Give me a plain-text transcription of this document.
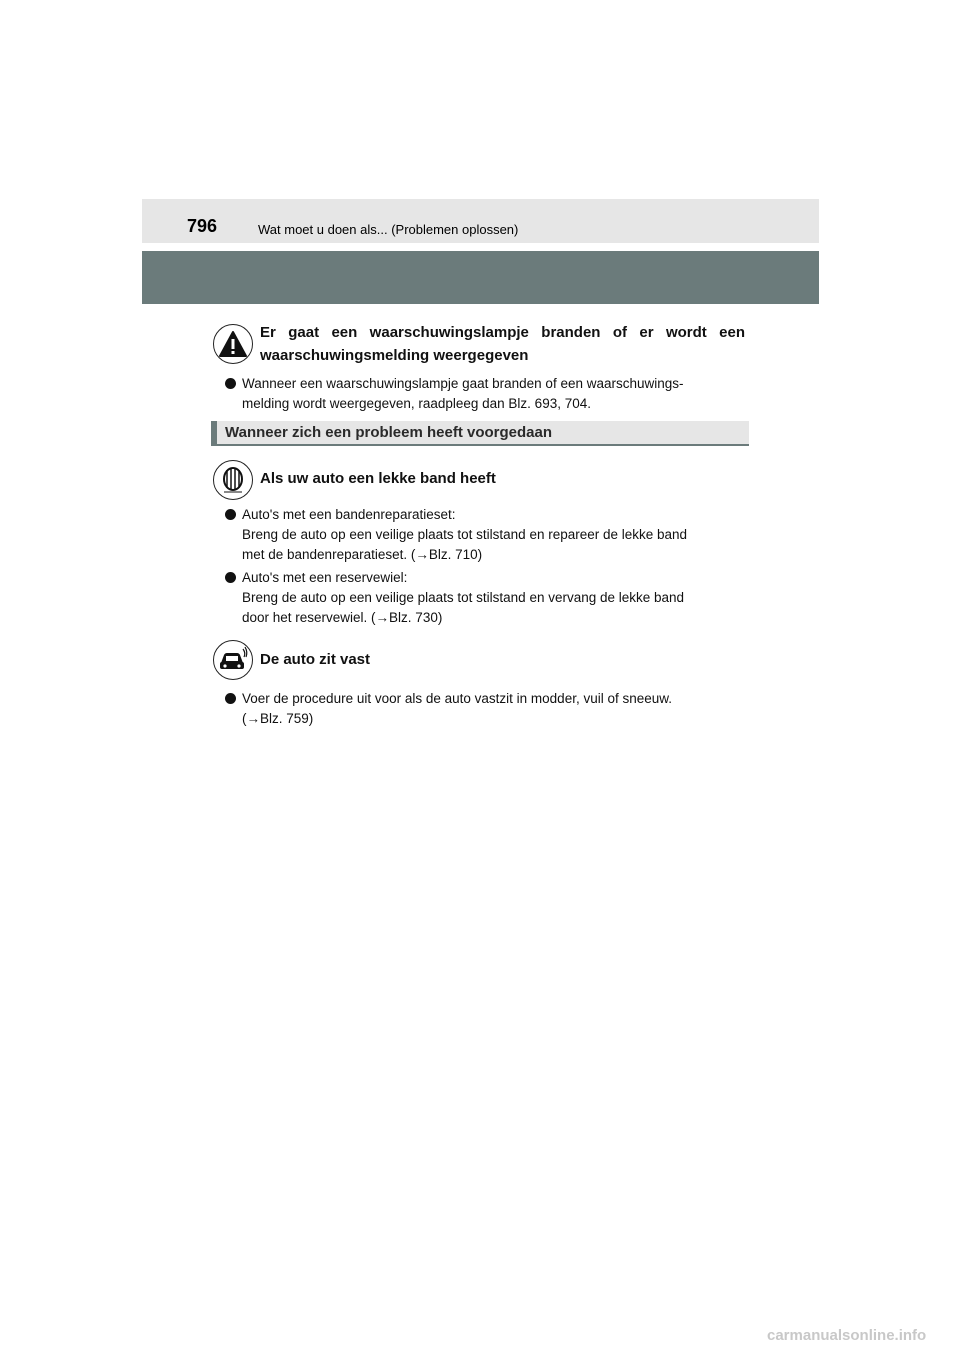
796	Wat moet u doen als... (Problemen oplossen)
Er gaat een waarschuwingslampje branden of er wordt een
waarschuwingsmelding weergegeven
Wanneer een waarschuwingslampje gaat branden of een waarschuwings-
melding wordt weergegeven, raadpleeg dan Blz. 693, 704.
Wanneer zich een probleem heeft voorgedaan
Als uw auto een lekke band heeft
Auto's met een bandenreparatieset:
Breng de auto op een veilige plaats tot stilstand en repareer de lekke band
met de bandenreparatieset. (→Blz. 710)
Auto's met een reservewiel:
Breng de auto op een veilige plaats tot stilstand en vervang de lekke band
door het reservewiel. (→Blz. 730)
De auto zit vast
Voer de procedure uit voor als de auto vastzit in modder, vuil of sneeuw.
(→Blz. 759)
carmanualsonline.info
